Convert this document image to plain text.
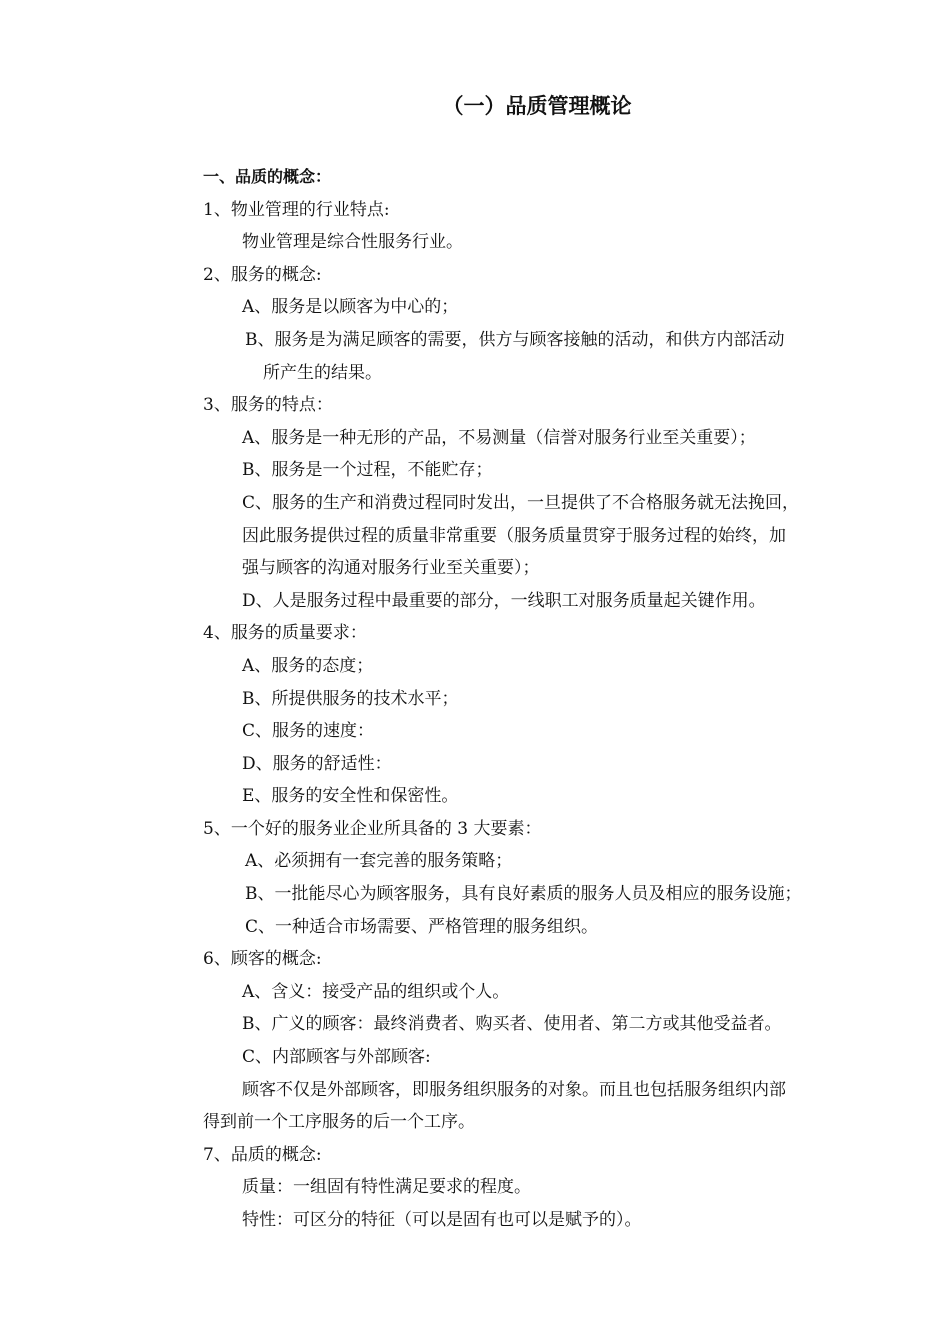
（一）品质管理概论
一、品质的概念：
1、物业管理的行业特点:
物业管理是综合性服务行业。
2、服务的概念:
A、服务是以顾客为中心的；
B、服务是为满足顾客的需要，供方与顾客接触的活动，和供方内部活动
所产生的结果。
3、服务的特点：
A、服务是一种无形的产品，不易测量（信誉对服务行业至关重要）；
B、服务是一个过程，不能贮存；
C、服务的生产和消费过程同时发出，一旦提供了不合格服务就无法挽回，
因此服务提供过程的质量非常重要（服务质量贯穿于服务过程的始终，加
强与顾客的沟通对服务行业至关重要）；
D、人是服务过程中最重要的部分，一线职工对服务质量起关键作用。
4、服务的质量要求：
A、服务的态度；
B、所提供服务的技术水平；
C、服务的速度：
D、服务的舒适性：
E、服务的安全性和保密性。
5、一个好的服务业企业所具备的 3 大要素：
A、必须拥有一套完善的服务策略；
B、一批能尽心为顾客服务，具有良好素质的服务人员及相应的服务设施；
C、一种适合市场需要、严格管理的服务组织。
6、顾客的概念:
A、含义：接受产品的组织或个人。
B、广义的顾客：最终消费者、购买者、使用者、第二方或其他受益者。
C、内部顾客与外部顾客:
顾客不仅是外部顾客，即服务组织服务的对象。而且也包括服务组织内部
得到前一个工序服务的后一个工序。
7、品质的概念:
质量：一组固有特性满足要求的程度。
特性：可区分的特征（可以是固有也可以是赋予的）。
